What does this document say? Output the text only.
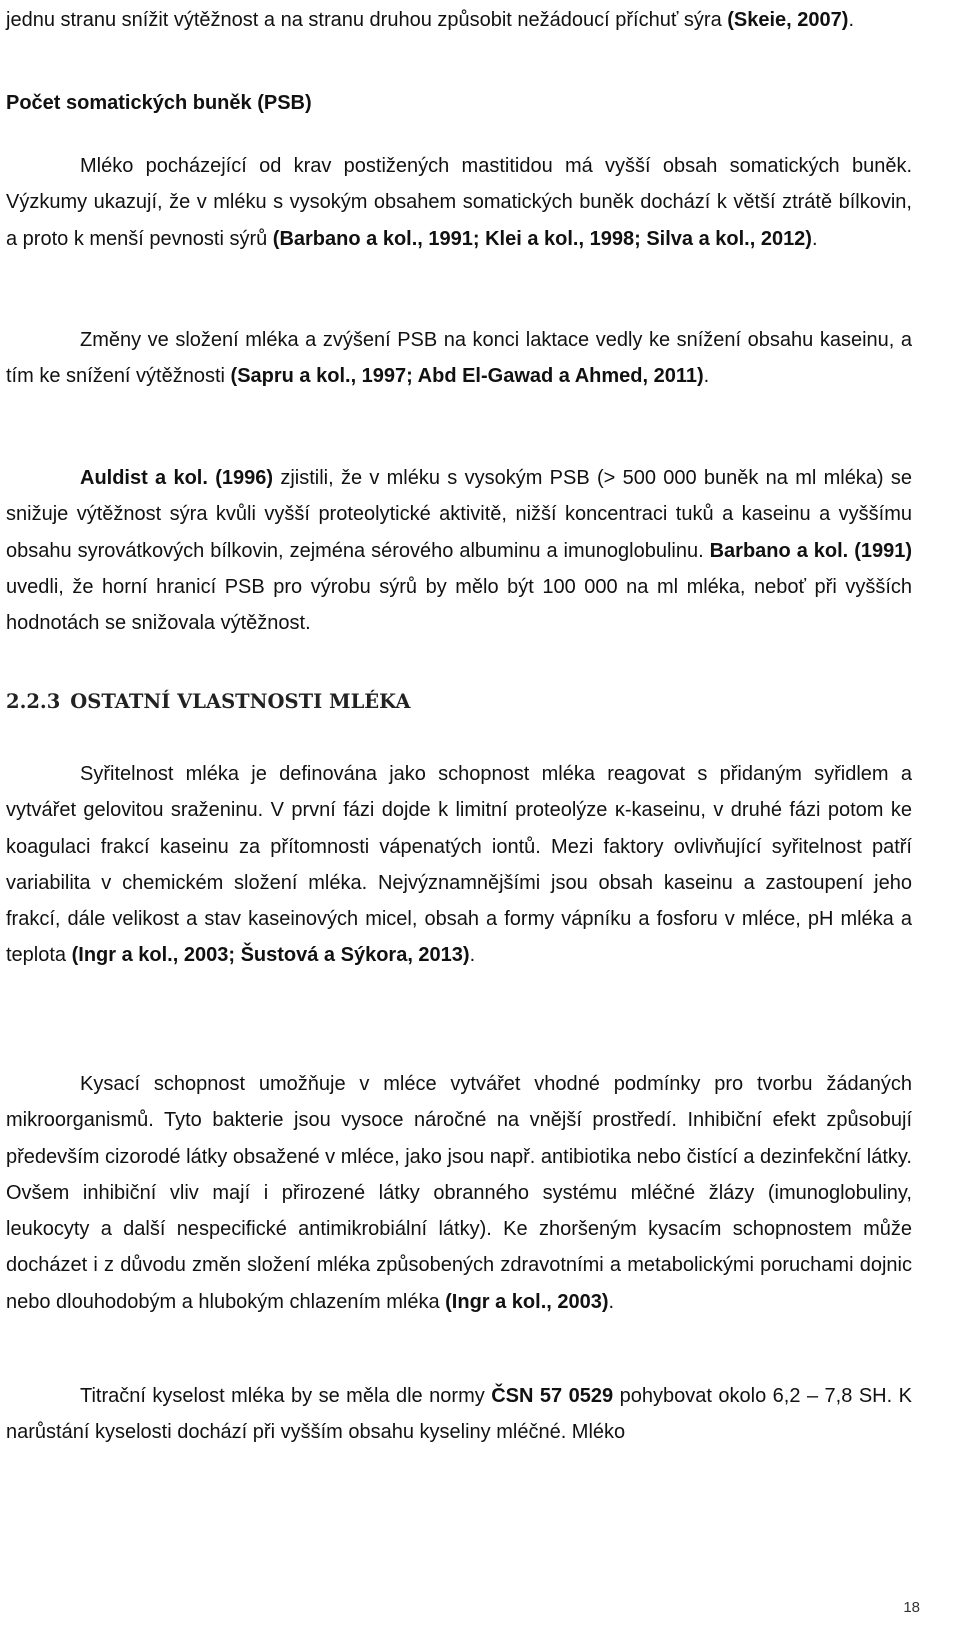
jednu stranu snížit výtěžnost a na stranu druhou způsobit nežádoucí příchuť sýra (Skeie, 2007).

Počet somatických buněk (PSB)

Mléko pocházející od krav postižených mastitidou má vyšší obsah somatických buněk. Výzkumy ukazují, že v mléku s vysokým obsahem somatických buněk dochází k větší ztrátě bílkovin, a proto k menší pevnosti sýrů (Barbano a kol., 1991; Klei a kol., 1998; Silva a kol., 2012).

Změny ve složení mléka a zvýšení PSB na konci laktace vedly ke snížení obsahu kaseinu, a tím ke snížení výtěžnosti (Sapru a kol., 1997; Abd El-Gawad a Ahmed, 2011).

Auldist a kol. (1996) zjistili, že v mléku s vysokým PSB (> 500 000 buněk na ml mléka) se snižuje výtěžnost sýra kvůli vyšší proteolytické aktivitě, nižší koncentraci tuků a kaseinu a vyššímu obsahu syrovátkových bílkovin, zejména sérového albuminu a imunoglobulinu. Barbano a kol. (1991) uvedli, že horní hranicí PSB pro výrobu sýrů by mělo být 100 000 na ml mléka, neboť při vyšších hodnotách se snižovala výtěžnost.

2.2.3 OSTATNÍ VLASTNOSTI MLÉKA

Syřitelnost mléka je definována jako schopnost mléka reagovat s přidaným syřidlem a vytvářet gelovitou sraženinu. V první fázi dojde k limitní proteolýze κ-kaseinu, v druhé fázi potom ke koagulaci frakcí kaseinu za přítomnosti vápenatých iontů. Mezi faktory ovlivňující syřitelnost patří variabilita v chemickém složení mléka. Nejvýznamnějšími jsou obsah kaseinu a zastoupení jeho frakcí, dále velikost a stav kaseinových micel, obsah a formy vápníku a fosforu v mléce, pH mléka a teplota (Ingr a kol., 2003; Šustová a Sýkora, 2013).

Kysací schopnost umožňuje v mléce vytvářet vhodné podmínky pro tvorbu žádaných mikroorganismů. Tyto bakterie jsou vysoce náročné na vnější prostředí. Inhibiční efekt způsobují především cizorodé látky obsažené v mléce, jako jsou např. antibiotika nebo čistící a dezinfekční látky. Ovšem inhibiční vliv mají i přirozené látky obranného systému mléčné žlázy (imunoglobuliny, leukocyty a další nespecifické antimikrobiální látky). Ke zhoršeným kysacím schopnostem může docházet i z důvodu změn složení mléka způsobených zdravotními a metabolickými poruchami dojnic nebo dlouhodobým a hlubokým chlazením mléka (Ingr a kol., 2003).

Titrační kyselost mléka by se měla dle normy ČSN 57 0529 pohybovat okolo 6,2 – 7,8 SH. K narůstání kyselosti dochází při vyšším obsahu kyseliny mléčné. Mléko

18
